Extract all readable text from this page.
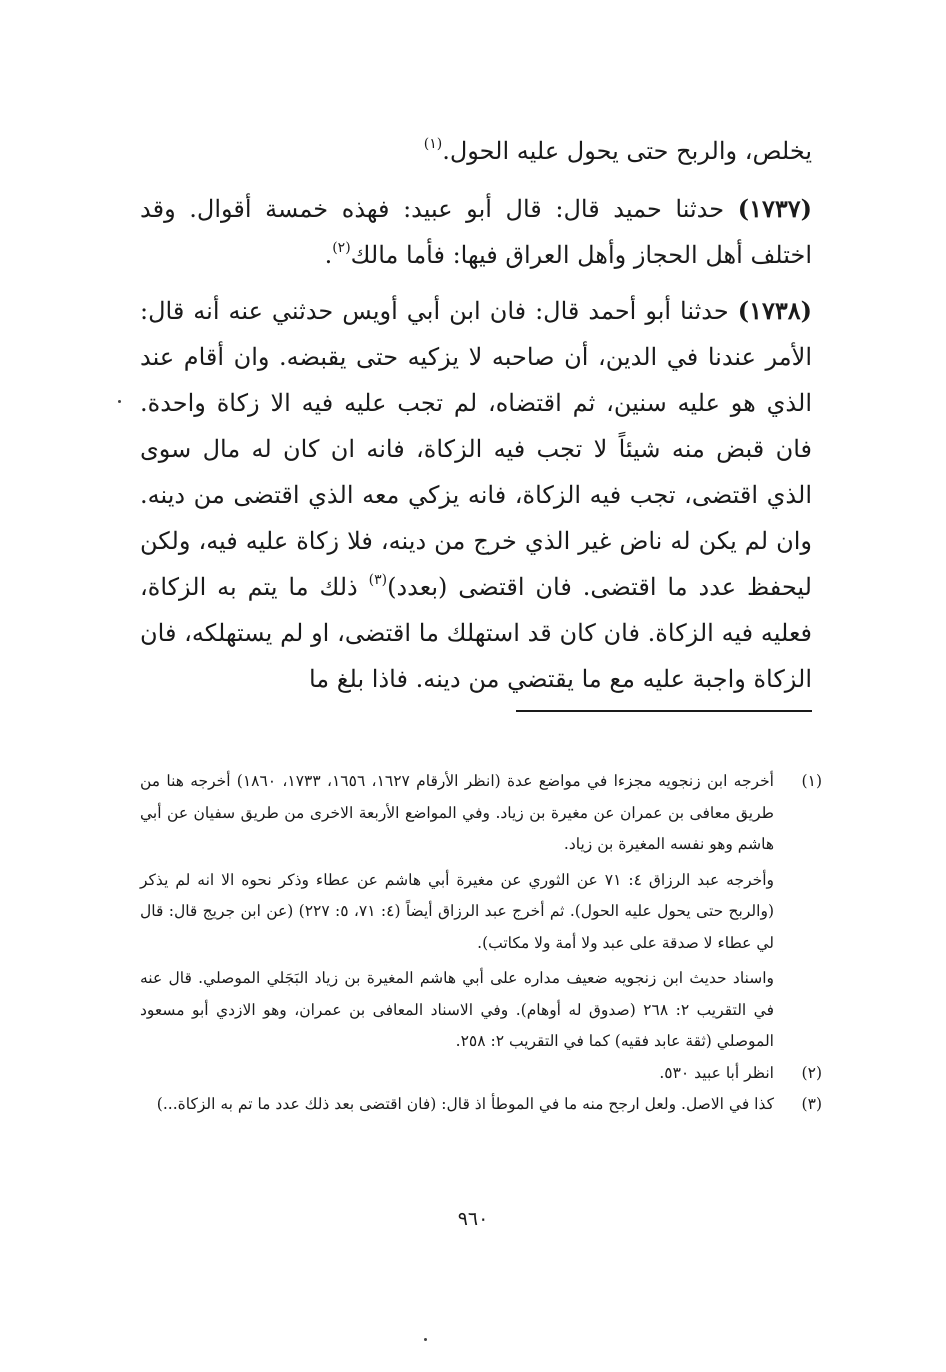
يخلص، والربح حتى يحول عليه الحول.$^{(١)}$

(١٧٣٧) حدثنا حميد قال: قال أبو عبيد: فهذه خمسة أقوال. وقد اختلف أهل الحجاز وأهل العراق فيها: فأما مالك$^{(٢)}$.

(١٧٣٨) حدثنا أبو أحمد قال: فان ابن أبي أويس حدثني عنه أنه قال: الأمر عندنا في الدين، أن صاحبه لا يزكيه حتى يقبضه. وان أقام عند الذي هو عليه سنين، ثم اقتضاه، لم تجب عليه فيه الا زكاة واحدة. فان قبض منه شيئاً لا تجب فيه الزكاة، فانه ان كان له مال سوى الذي اقتضى، تجب فيه الزكاة، فانه يزكي معه الذي اقتضى من دينه. وان لم يكن له ناض غير الذي خرج من دينه، فلا زكاة عليه فيه، ولكن ليحفظ عدد ما اقتضى. فان اقتضى (بعدد)$^{(٣)}$ ذلك ما يتم به الزكاة، فعليه فيه الزكاة. فان كان قد استهلك ما اقتضى، او لم يستهلكه، فان الزكاة واجبة عليه مع ما يقتضي من دينه. فاذا بلغ ما

(١)

أخرجه ابن زنجويه مجزءا في مواضع عدة (انظر الأرقام ١٦٢٧، ١٦٥٦، ١٧٣٣، ١٨٦٠) أخرجه هنا من طريق معافى بن عمران عن مغيرة بن زياد. وفي المواضع الأربعة الاخرى من طريق سفيان عن أبي هاشم وهو نفسه المغيرة بن زياد.

وأخرجه عبد الرزاق ٤: ٧١ عن الثوري عن مغيرة أبي هاشم عن عطاء وذكر نحوه الا انه لم يذكر (والربح حتى يحول عليه الحول). ثم أخرج عبد الرزاق أيضاً (٤: ٧١، ٥: ٢٢٧) (عن ابن جريج قال: قال لي عطاء لا صدقة على عبد ولا أمة ولا مكاتب).

واسناد حديث ابن زنجويه ضعيف مداره على أبي هاشم المغيرة بن زياد البَجَلي الموصلي. قال عنه في التقريب ٢: ٢٦٨ (صدوق له أوهام). وفي الاسناد المعافى بن عمران، وهو الازدي أبو مسعود الموصلي (ثقة عابد فقيه) كما في التقريب ٢: ٢٥٨.

(٢)

انظر أبا عبيد ٥٣٠.

(٣)

كذا في الاصل. ولعل ارجح منه ما في الموطأ اذ قال: (فان اقتضى بعد ذلك عدد ما تم به الزكاة...)

٩٦٠
